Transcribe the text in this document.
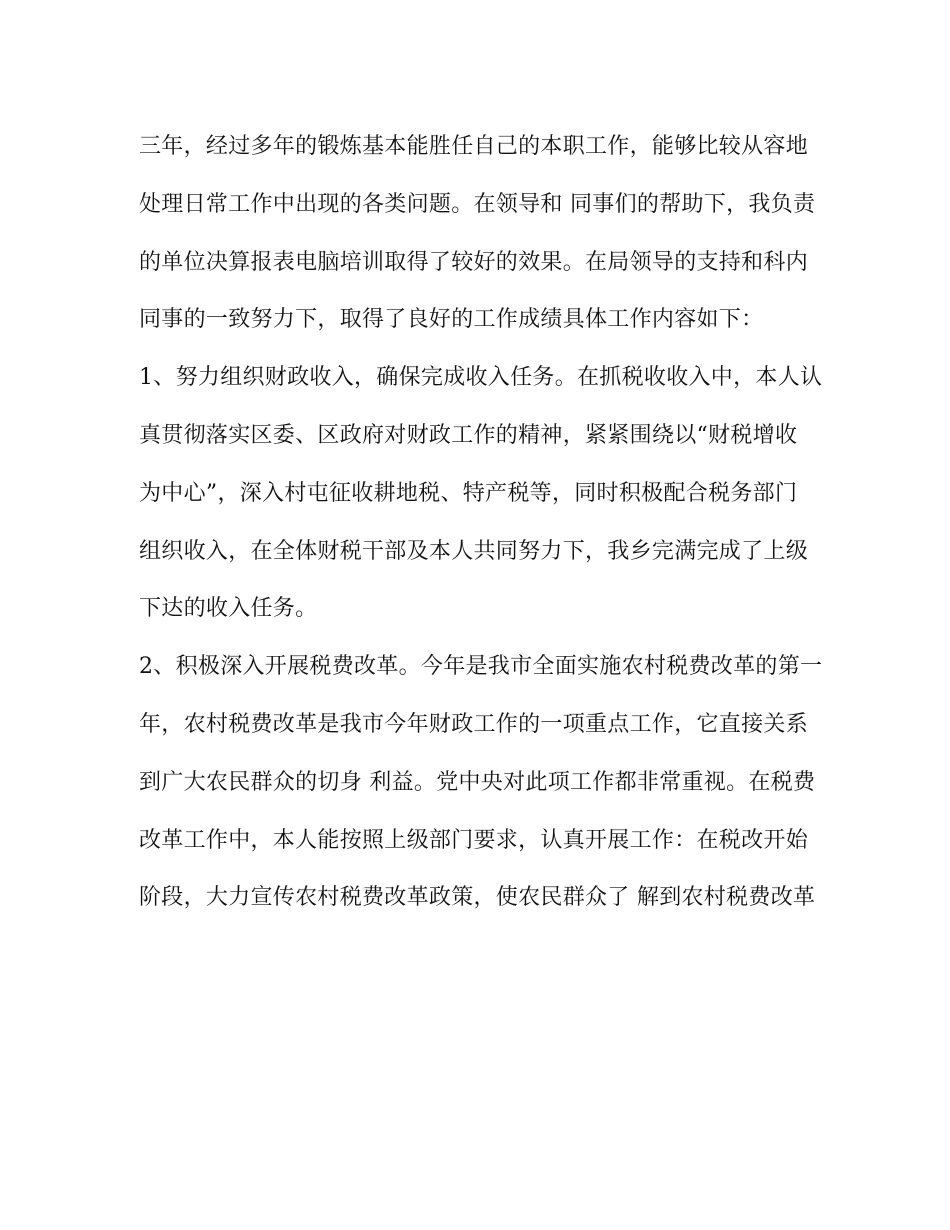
三年，经过多年的锻炼基本能胜任自己的本职工作，能够比较从容地
处理日常工作中出现的各类问题。在领导和 同事们的帮助下，我负责
的单位决算报表电脑培训取得了较好的效果。在局领导的支持和科内
同事的一致努力下，取得了良好的工作成绩具体工作内容如下：
1、努力组织财政收入，确保完成收入任务。在抓税收收入中，本人认
真贯彻落实区委、区政府对财政工作的精神，紧紧围绕以“财税增收
为中心”，深入村屯征收耕地税、特产税等，同时积极配合税务部门
组织收入，在全体财税干部及本人共同努力下，我乡完满完成了上级
下达的收入任务。
2、积极深入开展税费改革。今年是我市全面实施农村税费改革的第一
年，农村税费改革是我市今年财政工作的一项重点工作，它直接关系
到广大农民群众的切身 利益。党中央对此项工作都非常重视。在税费
改革工作中，本人能按照上级部门要求，认真开展工作：在税改开始
阶段，大力宣传农村税费改革政策，使农民群众了 解到农村税费改革
